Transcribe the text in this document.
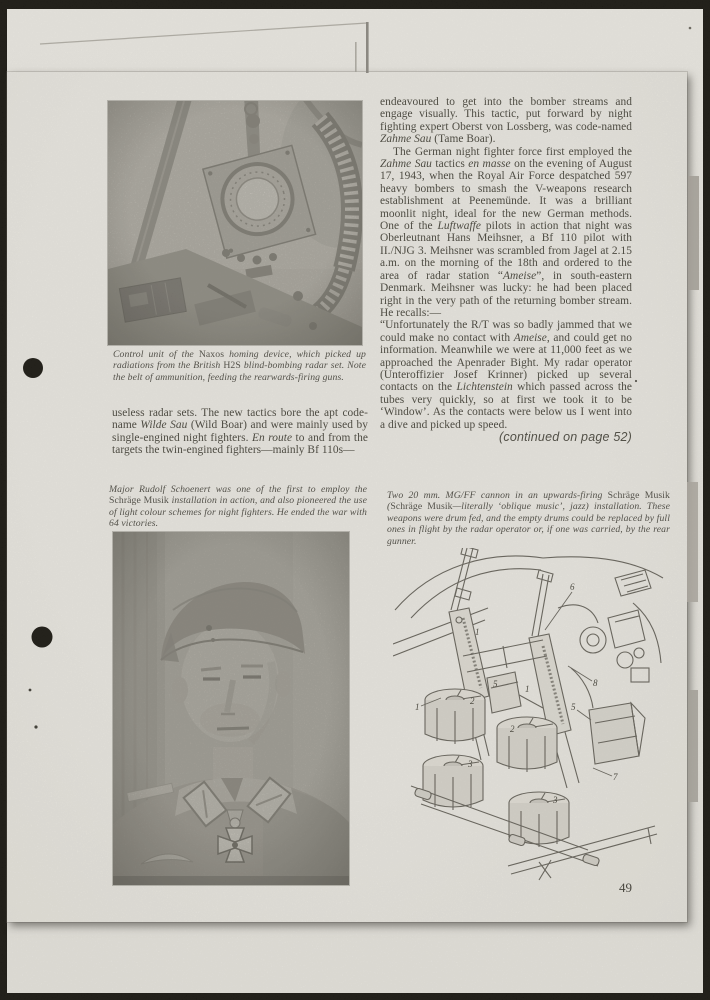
Control unit of the Naxos homing device, which picked up radiations from the British H2S blind-bombing radar set. Note the belt of ammunition, feeding the rearwards-firing guns.
useless radar sets. The new tactics bore the apt code-name Wilde Sau (Wild Boar) and were mainly used by single-engined night fighters. En route to and from the targets the twin-engined fighters—mainly Bf 110s—

endeavoured to get into the bomber streams and engage visually. This tactic, put forward by night fighting expert Oberst von Lossberg, was code-named Zahme Sau (Tame Boar).

The German night fighter force first employed the Zahme Sau tactics en masse on the evening of August 17, 1943, when the Royal Air Force despatched 597 heavy bombers to smash the V-weapons research establishment at Peenemünde. It was a brilliant moonlit night, ideal for the new German methods. One of the Luftwaffe pilots in action that night was Oberleutnant Hans Meihsner, a Bf 110 pilot with II./NJG 3. Meihsner was scrambled from Jagel at 2.15 a.m. on the morning of the 18th and ordered to the area of radar station “Ameise”, in south-eastern Denmark. Meihsner was lucky: he had been placed right in the very path of the returning bomber stream. He recalls:—

“Unfortunately the R/T was so badly jammed that we could make no contact with Ameise, and could get no information. Meanwhile we were at 11,000 feet as we approached the Apenrader Bight. My radar operator (Unteroffizier Josef Krinner) picked up several contacts on the Lichtenstein which passed across the tubes very quickly, so at first we took it to be ‘Window’. As the contacts were below us I went into a dive and picked up speed.

(continued on page 52)

Major Rudolf Schoenert was one of the first to employ the Schräge Musik installation in action, and also pioneered the use of light colour schemes for night fighters. He ended the war with 64 victories.
Two 20 mm. MG/FF cannon in an upwards-firing Schräge Musik (Schräge Musik—literally ‘oblique music’, jazz) installation. These weapons were drum fed, and the empty drums could be replaced by full ones in flight by the radar operator or, if one was carried, by the rear gunner.
6
1
8
5	1
1
2
2
5
3
7
3
49
